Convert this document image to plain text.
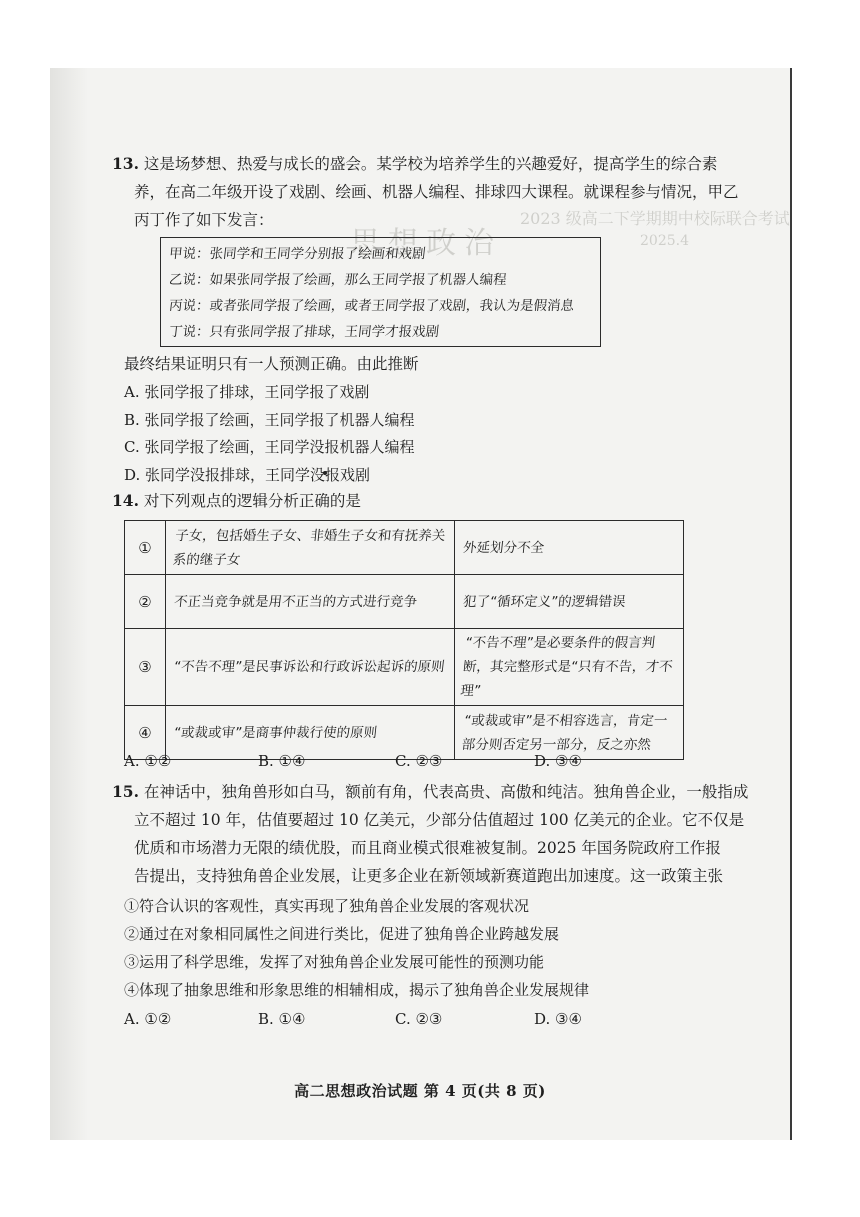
2023 级高二下学期期中校际联合考试
思想政治	2025.4
13. 这是场梦想、热爱与成长的盛会。某学校为培养学生的兴趣爱好，提高学生的综合素
养，在高二年级开设了戏剧、绘画、机器人编程、排球四大课程。就课程参与情况，甲乙
丙丁作了如下发言：
甲说：张同学和王同学分别报了绘画和戏剧
乙说：如果张同学报了绘画，那么王同学报了机器人编程
丙说：或者张同学报了绘画，或者王同学报了戏剧，我认为是假消息
丁说：只有张同学报了排球，王同学才报戏剧
最终结果证明只有一人预测正确。由此推断
A. 张同学报了排球，王同学报了戏剧
B. 张同学报了绘画，王同学报了机器人编程
C. 张同学报了绘画，王同学没报机器人编程
D. 张同学没报排球，王同学没报戏剧
14. 对下列观点的逻辑分析正确的是
①	子女，包括婚生子女、非婚生子女和有抚养关系的继子女	外延划分不全
②	不正当竞争就是用不正当的方式进行竞争	犯了“循环定义”的逻辑错误
③	“不告不理”是民事诉讼和行政诉讼起诉的原则	“不告不理”是必要条件的假言判断，其完整形式是“只有不告，才不理”
④	“或裁或审”是商事仲裁行使的原则	“或裁或审”是不相容选言，肯定一部分则否定另一部分，反之亦然
A. ①②	B. ①④	C. ②③	D. ③④
15. 在神话中，独角兽形如白马，额前有角，代表高贵、高傲和纯洁。独角兽企业，一般指成
立不超过 10 年，估值要超过 10 亿美元，少部分估值超过 100 亿美元的企业。它不仅是
优质和市场潜力无限的绩优股，而且商业模式很难被复制。2025 年国务院政府工作报
告提出，支持独角兽企业发展，让更多企业在新领域新赛道跑出加速度。这一政策主张
①符合认识的客观性，真实再现了独角兽企业发展的客观状况
②通过在对象相同属性之间进行类比，促进了独角兽企业跨越发展
③运用了科学思维，发挥了对独角兽企业发展可能性的预测功能
④体现了抽象思维和形象思维的相辅相成，揭示了独角兽企业发展规律
A. ①②	B. ①④	C. ②③	D. ③④
高二思想政治试题 第 4 页(共 8 页)
